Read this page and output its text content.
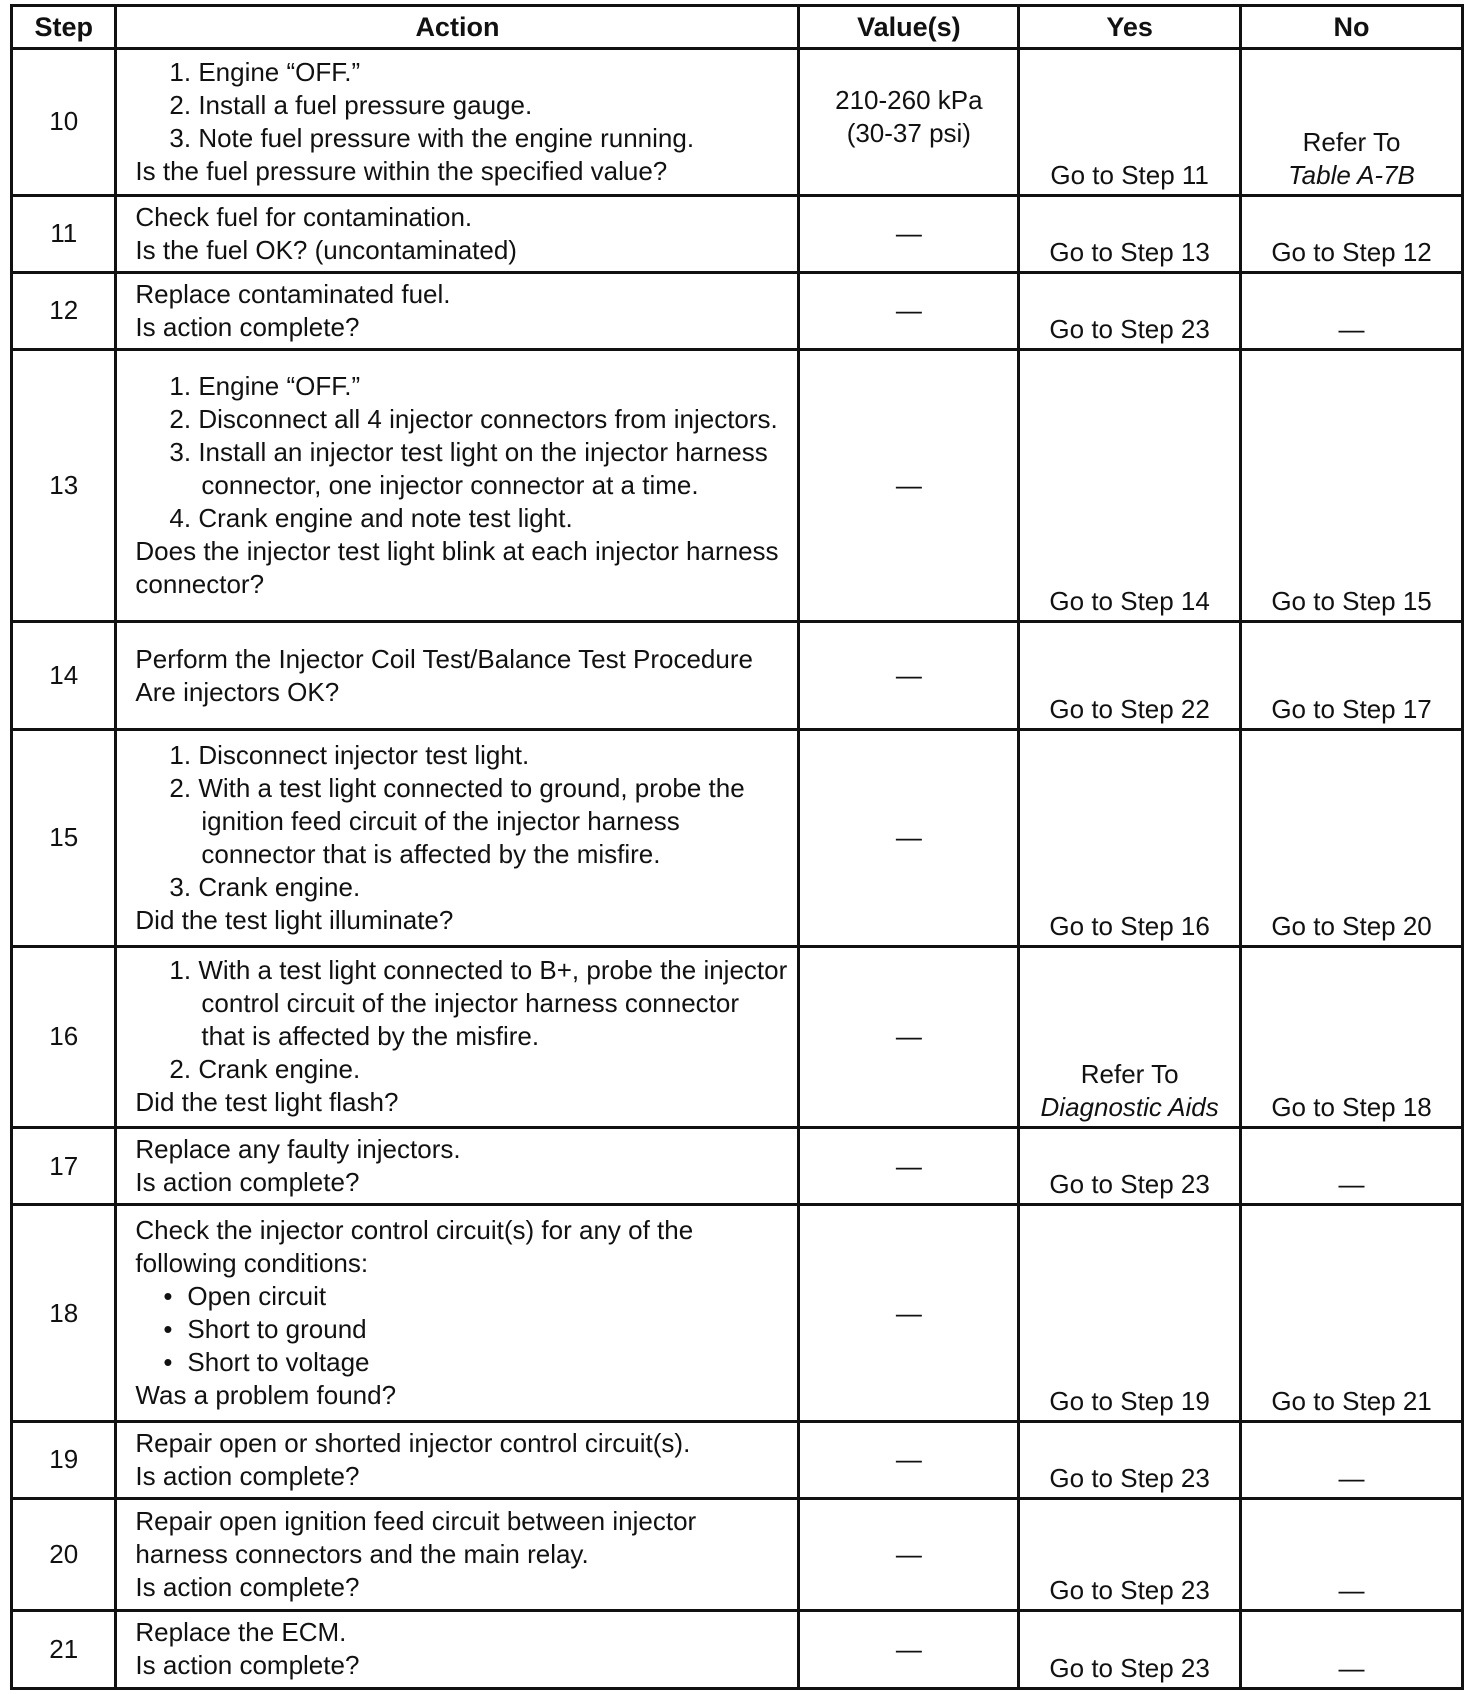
Step	Action	Value(s)	Yes	No
10	1. Engine “OFF.”
2. Install a fuel pressure gauge.
3. Note fuel pressure with the engine running.
Is the fuel pressure within the specified value?	210-260 kPa
(30-37 psi)	Go to Step 11	Refer To
Table A-7B

11	Check fuel for contamination.
Is the fuel OK? (uncontaminated)	—	Go to Step 13	Go to Step 12
12	Replace contaminated fuel.
Is action complete?	—	Go to Step 23	—
13	1. Engine “OFF.”
2. Disconnect all 4 injector connectors from injectors.
3. Install an injector test light on the injector harness connector, one injector connector at a time.
4. Crank engine and note test light.
Does the injector test light blink at each injector harness connector?	—	Go to Step 14	Go to Step 15
14	Perform the Injector Coil Test/Balance Test Procedure
Are injectors OK?	—	Go to Step 22	Go to Step 17
15	1. Disconnect injector test light.
2. With a test light connected to ground, probe the ignition feed circuit of the injector harness connector that is affected by the misfire.
3. Crank engine.
Did the test light illuminate?	—	Go to Step 16	Go to Step 20
16	1. With a test light connected to B+, probe the injector control circuit of the injector harness connector that is affected by the misfire.
2. Crank engine.
Did the test light flash?	—	Refer To
Diagnostic Aids	Go to Step 18
17	Replace any faulty injectors.
Is action complete?	—	Go to Step 23	—
18	Check the injector control circuit(s) for any of the following conditions:
• Open circuit
• Short to ground
• Short to voltage
Was a problem found?	—	Go to Step 19	Go to Step 21
19	Repair open or shorted injector control circuit(s).
Is action complete?	—	Go to Step 23	—
20	Repair open ignition feed circuit between injector harness connectors and the main relay.
Is action complete?	—	Go to Step 23	—
21	Replace the ECM.
Is action complete?	—	Go to Step 23	—
